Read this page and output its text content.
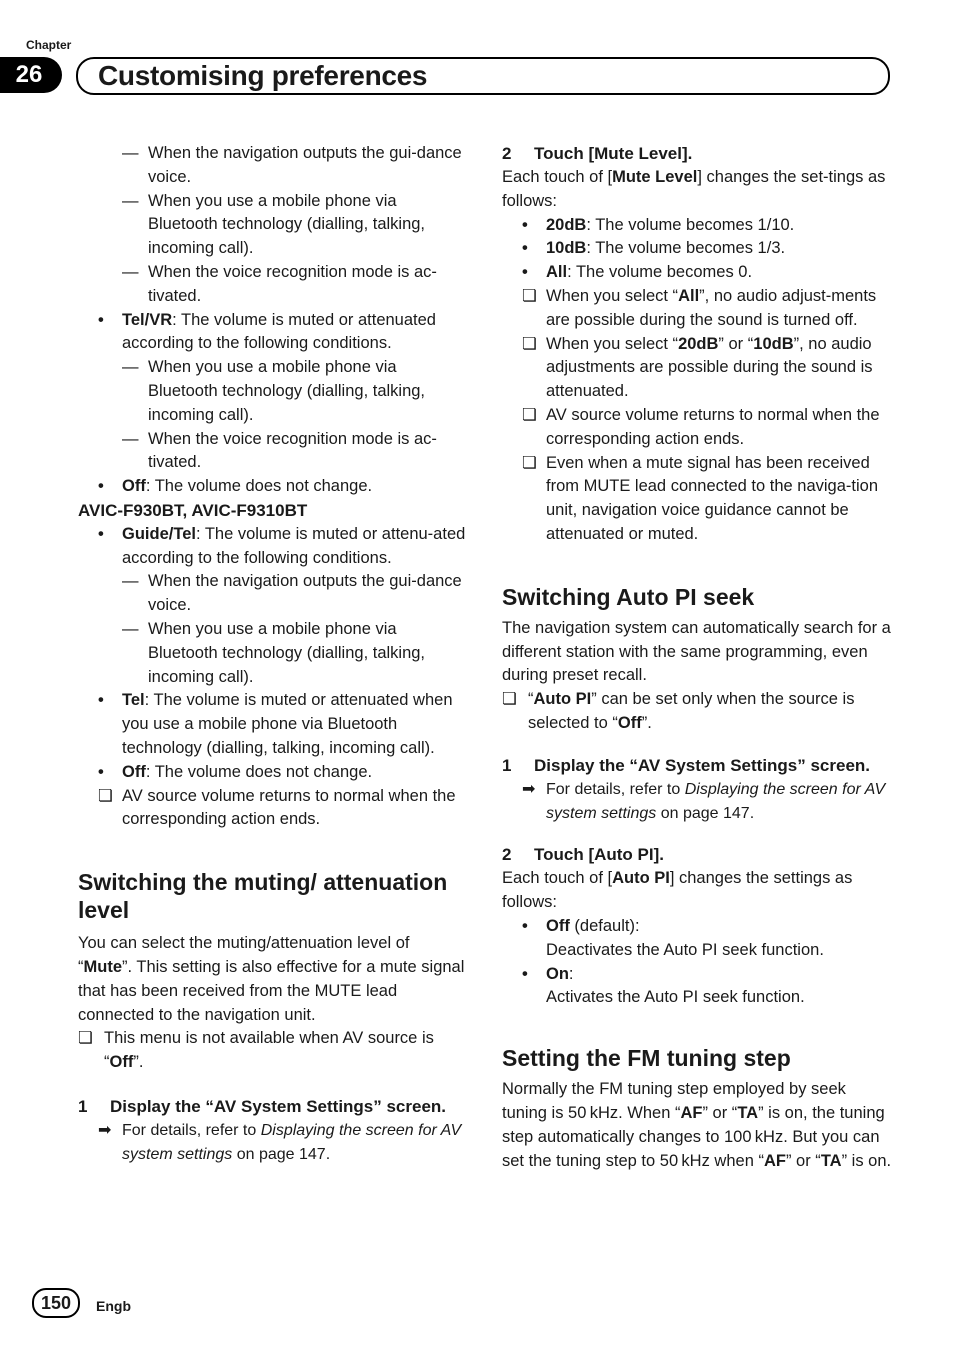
Chapter
26	Customising preferences
— When the navigation outputs the gui-dance voice.
— When you use a mobile phone via Bluetooth technology (dialling, talking, incoming call).
— When the voice recognition mode is ac-tivated.
• Tel/VR: The volume is muted or attenuated according to the following conditions.
— When you use a mobile phone via Bluetooth technology (dialling, talking, incoming call).
— When the voice recognition mode is ac-tivated.
• Off: The volume does not change.
AVIC-F930BT, AVIC-F9310BT
• Guide/Tel: The volume is muted or attenu-ated according to the following conditions.
— When the navigation outputs the gui-dance voice.
— When you use a mobile phone via Bluetooth technology (dialling, talking, incoming call).
• Tel: The volume is muted or attenuated when you use a mobile phone via Bluetooth technology (dialling, talking, incoming call).
• Off: The volume does not change.
❏ AV source volume returns to normal when the corresponding action ends.
Switching the muting/ attenuation level

You can select the muting/attenuation level of “Mute”. This setting is also effective for a mute signal that has been received from the MUTE lead connected to the navigation unit.

❏ This menu is not available when AV source is “Off”.
1 Display the “AV System Settings” screen.
➡ For details, refer to Displaying the screen for AV system settings on page 147.
2 Touch [Mute Level].

Each touch of [Mute Level] changes the set-tings as follows:

• 20dB: The volume becomes 1/10.
• 10dB: The volume becomes 1/3.
• All: The volume becomes 0.
❏ When you select “All”, no audio adjust-ments are possible during the sound is turned off.
❏ When you select “20dB” or “10dB”, no audio adjustments are possible during the sound is attenuated.
❏ AV source volume returns to normal when the corresponding action ends.
❏ Even when a mute signal has been received from MUTE lead connected to the naviga-tion unit, navigation voice guidance cannot be attenuated or muted.
Switching Auto PI seek

The navigation system can automatically search for a different station with the same programming, even during preset recall.

❏ “Auto PI” can be set only when the source is selected to “Off”.
1 Display the “AV System Settings” screen.
➡ For details, refer to Displaying the screen for AV system settings on page 147.
2 Touch [Auto PI].

Each touch of [Auto PI] changes the settings as follows:

• Off (default):
Deactivates the Auto PI seek function.
• On:
Activates the Auto PI seek function.
Setting the FM tuning step

Normally the FM tuning step employed by seek tuning is 50 kHz. When “AF” or “TA” is on, the tuning step automatically changes to 100 kHz. But you can set the tuning step to 50 kHz when “AF” or “TA” is on.

150	Engb
